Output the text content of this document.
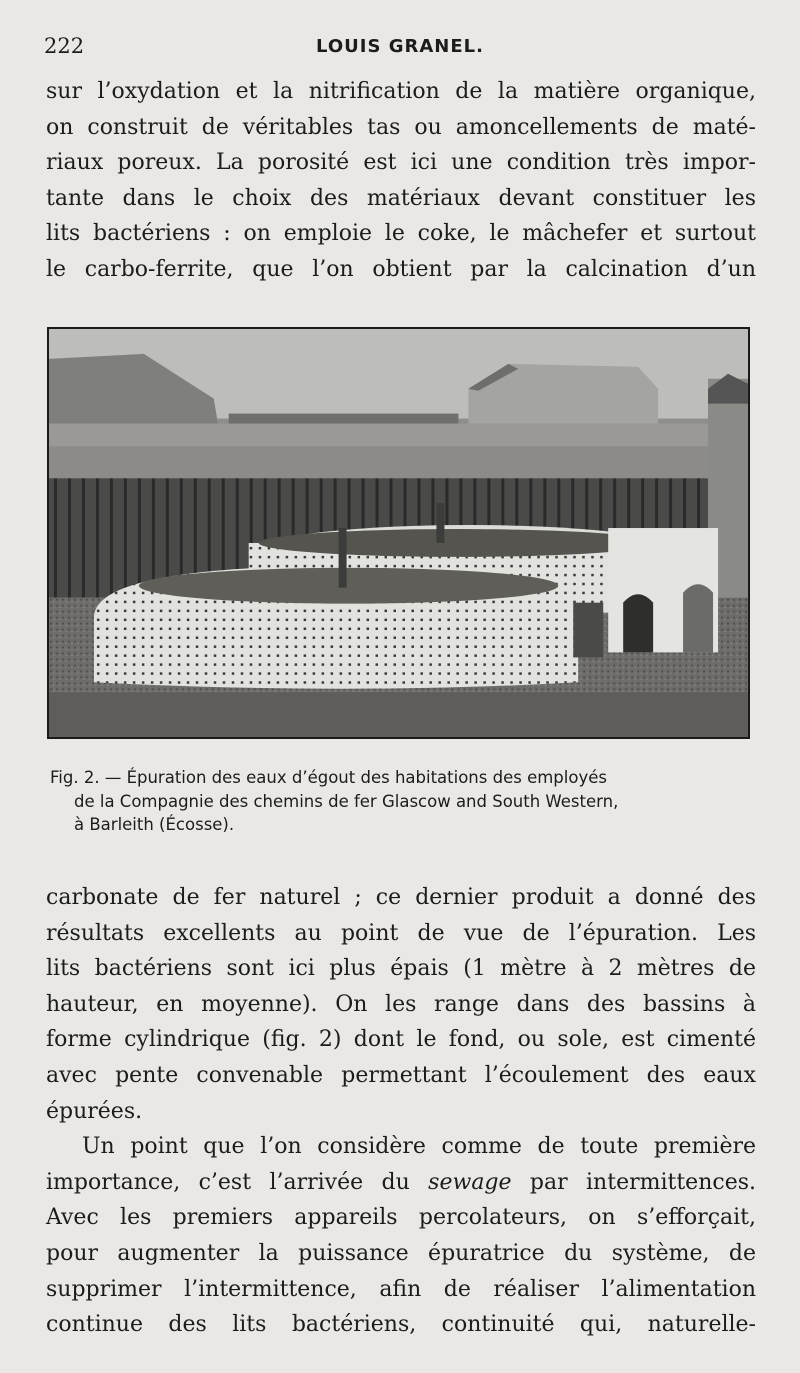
222	LOUIS GRANEL.
sur l’oxydation et la nitrification de la matière organique,
on construit de véritables tas ou amoncellements de maté-
riaux poreux. La porosité est ici une condition très impor-
tante dans le choix des matériaux devant constituer les
lits bactériens : on emploie le coke, le mâchefer et surtout
le carbo-ferrite, que l’on obtient par la calcination d’un
Fig. 2. — Épuration des eaux d’égout des habitations des employés
de la Compagnie des chemins de fer Glascow and South Western,
à Barleith (Écosse).
carbonate de fer naturel ; ce dernier produit a donné des
résultats excellents au point de vue de l’épuration. Les
lits bactériens sont ici plus épais (1 mètre à 2 mètres de
hauteur, en moyenne). On les range dans des bassins à
forme cylindrique (fig. 2) dont le fond, ou sole, est cimenté
avec pente convenable permettant l’écoulement des eaux
épurées.
Un point que l’on considère comme de toute première
importance, c’est l’arrivée du sewage par intermittences.
Avec les premiers appareils percolateurs, on s’efforçait,
pour augmenter la puissance épuratrice du système, de
supprimer l’intermittence, afin de réaliser l’alimentation
continue des lits bactériens, continuité qui, naturelle-
